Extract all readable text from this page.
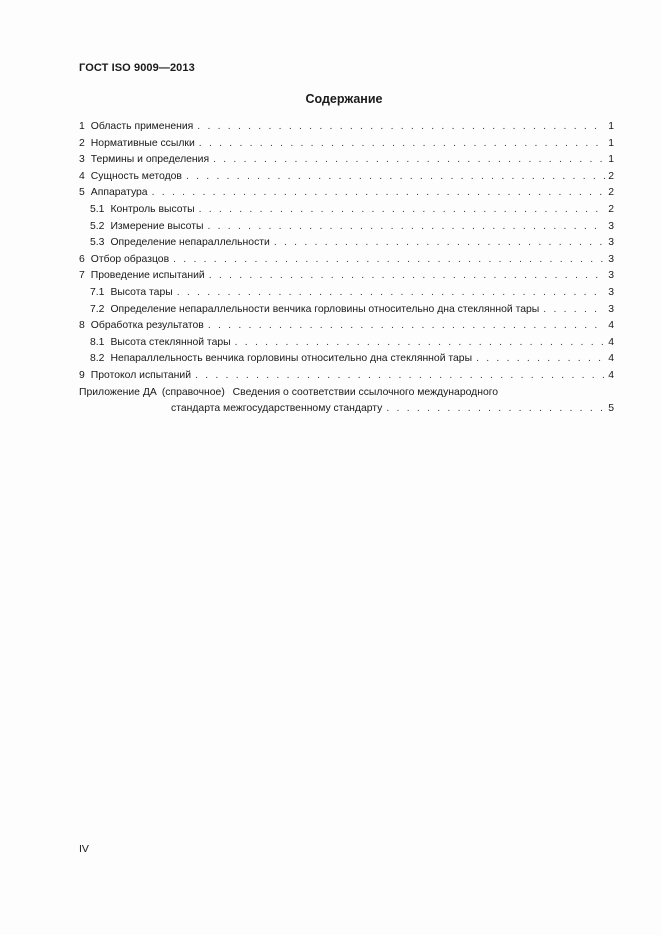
ГОСТ ISO 9009—2013
Содержание
1 Область применения . . .	1
2 Нормативные ссылки . . .	1
3 Термины и определения . . .	1
4 Сущность методов . . .	2
5 Аппаратура . . .	2
5.1 Контроль высоты . . .	2
5.2 Измерение высоты . . .	3
5.3 Определение непараллельности . . .	3
6 Отбор образцов . . .	3
7 Проведение испытаний . . .	3
7.1 Высота тары . . .	3
7.2 Определение непараллельности венчика горловины относительно дна стеклянной тары . . .	3
8 Обработка результатов . . .	4
8.1 Высота стеклянной тары . . .	4
8.2 Непараллельность венчика горловины относительно дна стеклянной тары . . .	4
9 Протокол испытаний . . .	4
Приложение ДА (справочное) Сведения о соответствии ссылочного международного
стандарта межгосударственному стандарту . . .	5
IV
